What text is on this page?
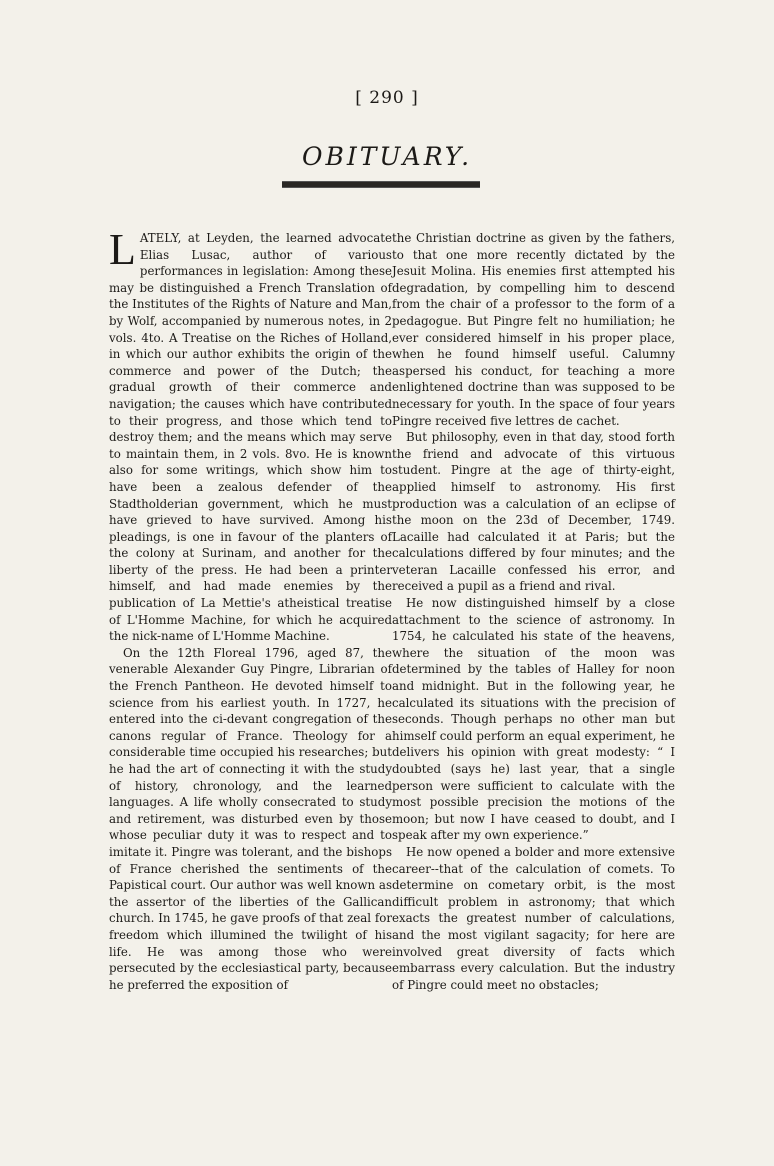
[ 290 ]
OBITUARY.

LATELY, at Leyden, the learned advocate Elias Lusac, author of various performances in legislation: Among these may be distinguished a French Translation of the Institutes of the Rights of Nature and Man, by Wolf, accompanied by numerous notes, in 2 vols. 4to. A Treatise on the Riches of Holland, in which our author exhibits the origin of the commerce and power of the Dutch; the gradual growth of their commerce and navigation; the causes which have contributed to their progress, and those which tend to destroy them; and the means which may serve to maintain them, in 2 vols. 8vo. He is known also for some writings, which show him to have been a zealous defender of the Stadtholderian government, which he must have grieved to have survived. Among his pleadings, is one in favour of the planters of the colony at Surinam, and another for the liberty of the press. He had been a printer himself, and had made enemies by the publication of La Mettie's atheistical treatise of L'Homme Machine, for which he acquired the nick-name of L'Homme Machine.

On the 12th Floreal 1796, aged 87, the venerable Alexander Guy Pingre, Librarian of the French Pantheon. He devoted himself to science from his earliest youth. In 1727, he entered into the ci-devant congregation of the canons regular of France. Theology for a considerable time occupied his researches; but he had the art of connecting it with the study of history, chronology, and the learned languages. A life wholly consecrated to study and retirement, was disturbed even by those whose peculiar duty it was to respect and to imitate it. Pingre was tolerant, and the bishops of France cherished the sentiments of the Papistical court. Our author was well known as the assertor of the liberties of the Gallican church. In 1745, he gave proofs of that zeal for freedom which illumined the twilight of his life. He was among those who were persecuted by the ecclesiastical party, because he preferred the exposition of

the Christian doctrine as given by the fathers, to that one more recently dictated by the Jesuit Molina. His enemies first attempted his degradation, by compelling him to descend from the chair of a professor to the form of a pedagogue. But Pingre felt no humiliation; he ever considered himself in his proper place, when he found himself useful. Calumny aspersed his conduct, for teaching a more enlightened doctrine than was supposed to be necessary for youth. In the space of four years Pingre received five lettres de cachet.

But philosophy, even in that day, stood forth the friend and advocate of this virtuous student. Pingre at the age of thirty-eight, applied himself to astronomy. His first production was a calculation of an eclipse of the moon on the 23d of December, 1749. Lacaille had calculated it at Paris; but the calculations differed by four minutes; and the veteran Lacaille confessed his error, and received a pupil as a friend and rival.

He now distinguished himself by a close attachment to the science of astronomy. In 1754, he calculated his state of the heavens, where the situation of the moon was determined by the tables of Halley for noon and midnight. But in the following year, he calculated its situations with the precision of seconds. Though perhaps no other man but himself could perform an equal experiment, he delivers his opinion with great modesty: “ I doubted (says he) last year, that a single person were sufficient to calculate with the most possible precision the motions of the moon; but now I have ceased to doubt, and I speak after my own experience.”

He now opened a bolder and more extensive career--that of the calculation of comets. To determine on cometary orbit, is the most difficult problem in astronomy; that which exacts the greatest number of calculations, and the most vigilant sagacity; for here are involved great diversity of facts which embarrass every calculation. But the industry of Pingre could meet no obstacles;
